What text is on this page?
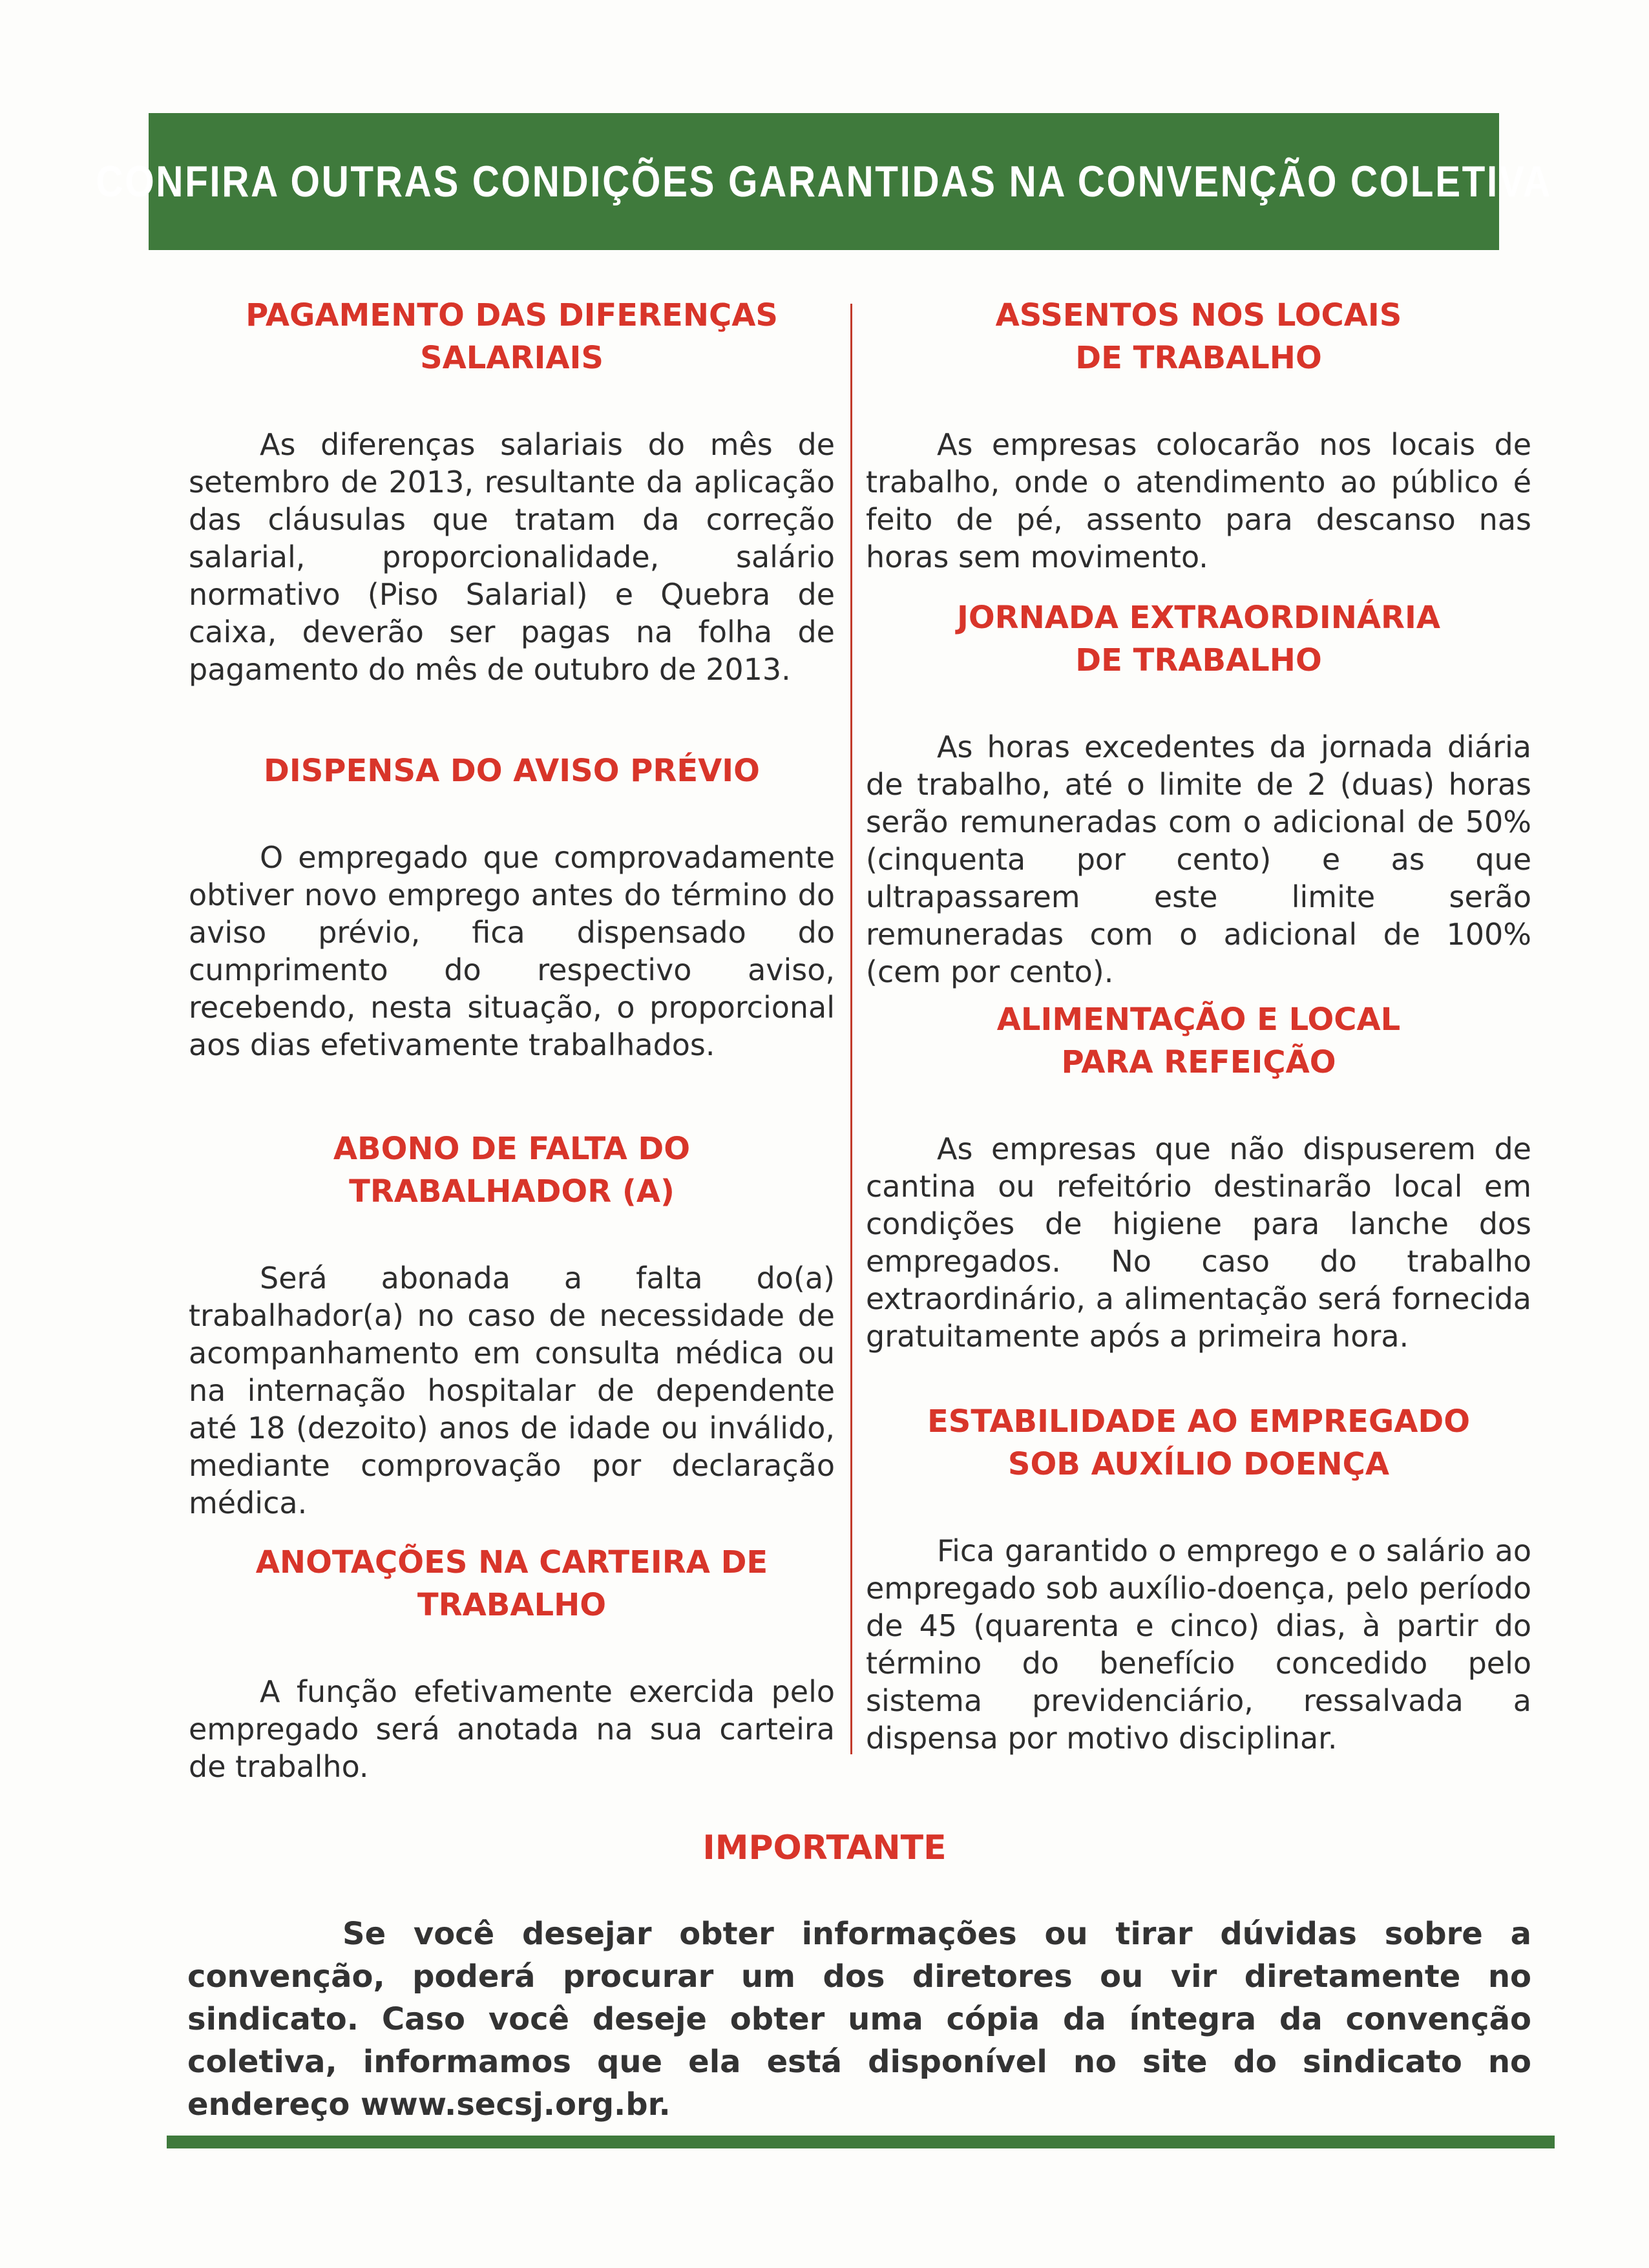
CONFIRA OUTRAS CONDIÇÕES GARANTIDAS NA CONVENÇÃO COLETIVA
PAGAMENTO DAS DIFERENÇAS SALARIAIS

As diferenças salariais do mês de setembro de 2013, resultante da aplicação das cláusulas que tratam da correção salarial, proporcionalidade, salário normativo (Piso Salarial) e Quebra de caixa, deverão ser pagas na folha de pagamento do mês de outubro de 2013.

DISPENSA DO AVISO PRÉVIO

O empregado que comprovadamente obtiver novo emprego antes do término do aviso prévio, fica dispensado do cumprimento do respectivo aviso, recebendo, nesta situação, o proporcional aos dias efetivamente trabalhados.

ABONO DE FALTA DO TRABALHADOR (A)

Será abonada a falta do(a) trabalhador(a) no caso de necessidade de acompanhamento em consulta médica ou na internação hospitalar de dependente até 18 (dezoito) anos de idade ou inválido, mediante comprovação por declaração médica.

ANOTAÇÕES NA CARTEIRA DE TRABALHO

A função efetivamente exercida pelo empregado será anotada na sua carteira de trabalho.

ASSENTOS NOS LOCAIS DE TRABALHO

As empresas colocarão nos locais de trabalho, onde o atendimento ao público é feito de pé, assento para descanso nas horas sem movimento.

JORNADA EXTRAORDINÁRIA DE TRABALHO

As horas excedentes da jornada diária de trabalho, até o limite de 2 (duas) horas serão remuneradas com o adicional de 50% (cinquenta por cento) e as que ultrapassarem este limite serão remuneradas com o adicional de 100% (cem por cento).

ALIMENTAÇÃO E LOCAL PARA REFEIÇÃO

As empresas que não dispuserem de cantina ou refeitório destinarão local em condições de higiene para lanche dos empregados. No caso do trabalho extraordinário, a alimentação será fornecida gratuitamente após a primeira hora.

ESTABILIDADE AO EMPREGADO SOB AUXÍLIO DOENÇA

Fica garantido o emprego e o salário ao empregado sob auxílio-doença, pelo período de 45 (quarenta e cinco) dias, à partir do término do benefício concedido pelo sistema previdenciário, ressalvada a dispensa por motivo disciplinar.

IMPORTANTE

Se você desejar obter informações ou tirar dúvidas sobre a convenção, poderá procurar um dos diretores ou vir diretamente no sindicato. Caso você deseje obter uma cópia da íntegra da convenção coletiva, informamos que ela está disponível no site do sindicato no endereço www.secsj.org.br.
